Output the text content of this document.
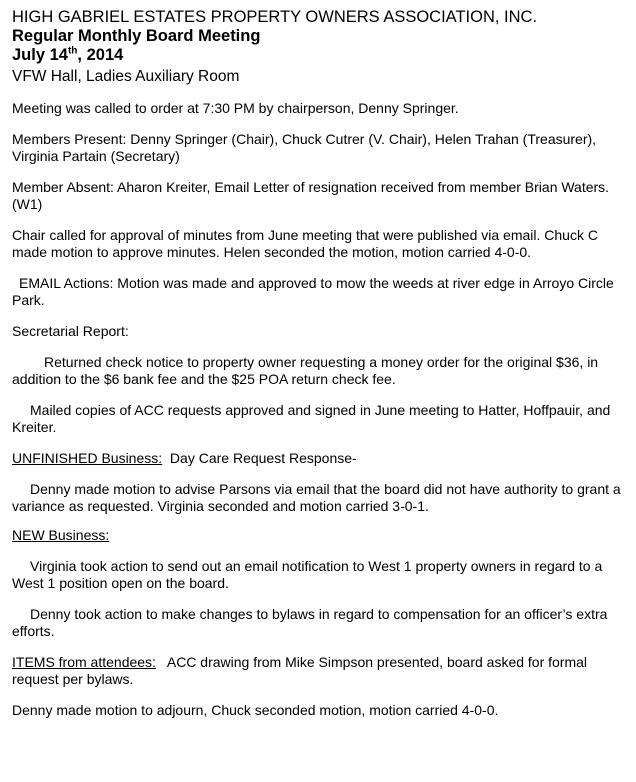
HIGH GABRIEL ESTATES PROPERTY OWNERS ASSOCIATION, INC.

Regular Monthly Board Meeting

July 14th, 2014

VFW Hall, Ladies Auxiliary Room

Meeting was called to order at 7:30 PM by chairperson, Denny Springer.

Members Present: Denny Springer (Chair), Chuck Cutrer (V. Chair), Helen Trahan (Treasurer), Virginia Partain (Secretary)

Member Absent: Aharon Kreiter, Email Letter of resignation received from member Brian Waters. (W1)

Chair called for approval of minutes from June meeting that were published via email. Chuck C made motion to approve minutes. Helen seconded the motion, motion carried 4-0-0.

EMAIL Actions: Motion was made and approved to mow the weeds at river edge in Arroyo Circle Park.

Secretarial Report:

Returned check notice to property owner requesting a money order for the original $36, in addition to the $6 bank fee and the $25 POA return check fee.

Mailed copies of ACC requests approved and signed in June meeting to Hatter, Hoffpauir, and Kreiter.

UNFINISHED Business:  Day Care Request Response-

Denny made motion to advise Parsons via email that the board did not have authority to grant a variance as requested. Virginia seconded and motion carried 3-0-1.

NEW Business:

Virginia took action to send out an email notification to West 1 property owners in regard to a West 1 position open on the board.

Denny took action to make changes to bylaws in regard to compensation for an officer’s extra efforts.

ITEMS from attendees:   ACC drawing from Mike Simpson presented, board asked for formal request per bylaws.

Denny made motion to adjourn, Chuck seconded motion, motion carried 4-0-0.
